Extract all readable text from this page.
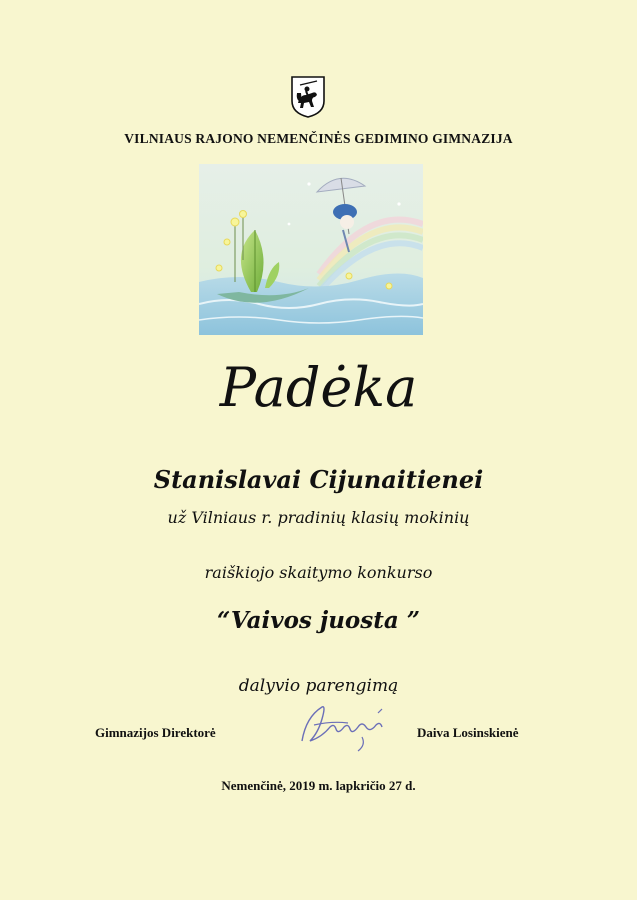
VILNIAUS RAJONO NEMENČINĖS GEDIMINO GIMNAZIJA
Padėka
Stanislavai Cijunaitienei
už Vilniaus r. pradinių klasių mokinių
raiškiojo skaitymo konkurso
“Vaivos juosta ”
dalyvio parengimą
Gimnazijos Direktorė	Daiva Losinskienė
Nemenčinė, 2019 m. lapkričio 27 d.
